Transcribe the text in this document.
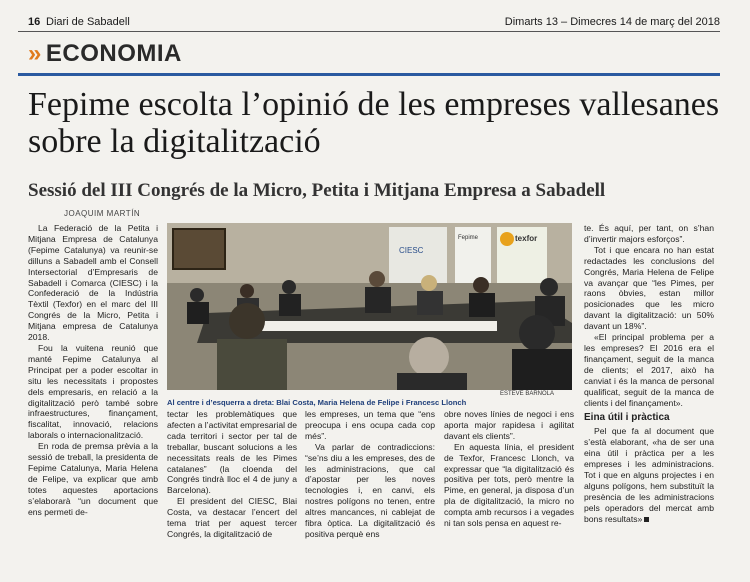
16 Diari de Sabadell	Dimarts 13 – Dimecres 14 de març del 2018
» ECONOMIA
Fepime escolta l’opinió de les empreses vallesanes sobre la digitalització
Sessió del III Congrés de la Micro, Petita i Mitjana Empresa a Sabadell
JOAQUIM MARTÍN

La Federació de la Petita i Mitjana Empresa de Catalunya (Fepime Catalunya) va reunir-se dilluns a Sabadell amb el Consell Intersectorial d’Empresaris de Sabadell i Comarca (CIESC) i la Confederació de la Indústria Tèxtil (Texfor) en el marc del III Congrés de la Micro, Petita i Mitjana empresa de Catalunya 2018.

Fou la vuitena reunió que manté Fepime Catalunya al Principat per a poder escoltar in situ les necessitats i propostes dels empresaris, en relació a la digitalització però també sobre infraestructures, finançament, fiscalitat, innovació, relacions laborals o internacionalització.

En roda de premsa prèvia a la sessió de treball, la presidenta de Fepime Catalunya, Maria Helena de Felipe, va explicar que amb totes aquestes aportacions s’elaborarà “un document que ens permeti de-

CIESC
Fepime	texfor
ESTEVE BARNOLA
Al centre i d’esquerra a dreta: Blai Costa, Maria Helena de Felipe i Francesc Llonch

tectar les problemàtiques que afecten a l’activitat empresarial de cada territori i sector per tal de treballar, buscant solucions a les necessitats reals de les Pimes catalanes” (la cloenda del Congrés tindrà lloc el 4 de juny a Barcelona).

El president del CIESC, Blai Costa, va destacar l’encert del tema triat per aquest tercer Congrés, la digitalització de

les empreses, un tema que “ens preocupa i ens ocupa cada cop més”.

Va parlar de contradiccions: “se’ns diu a les empreses, des de les administracions, que cal d’apostar per les noves tecnologies i, en canvi, els nostres polígons no tenen, entre altres mancances, ni cablejat de fibra òptica. La digitalització és positiva perquè ens

obre noves línies de negoci i ens aporta major rapidesa i agilitat davant els clients”.

En aquesta línia, el president de Texfor, Francesc Llonch, va expressar que “la digitalització és positiva per tots, però mentre la Pime, en general, ja disposa d’un pla de digitalització, la micro no compta amb recursos i a vegades ni tan sols pensa en aquest re-

te. És aquí, per tant, on s’han d’invertir majors esforços”.

Tot i que encara no han estat redactades les conclusions del Congrés, Maria Helena de Felipe va avançar que “les Pimes, per raons òbvies, estan millor posicionades que les micro davant la digitalització: un 50% davant un 18%”.

«El principal problema per a les empreses? El 2016 era el finançament, seguit de la manca de clients; el 2017, això ha canviat i és la manca de personal qualificat, seguit de la manca de clients i del finançament».

Eina útil i pràctica

Pel que fa al document que s’està elaborant, «ha de ser una eina útil i pràctica per a les empreses i les administracions. Tot i que en alguns projectes i en alguns polígons, hem substituït la presència de les administracions pels operadors del mercat amb bons resultats»
